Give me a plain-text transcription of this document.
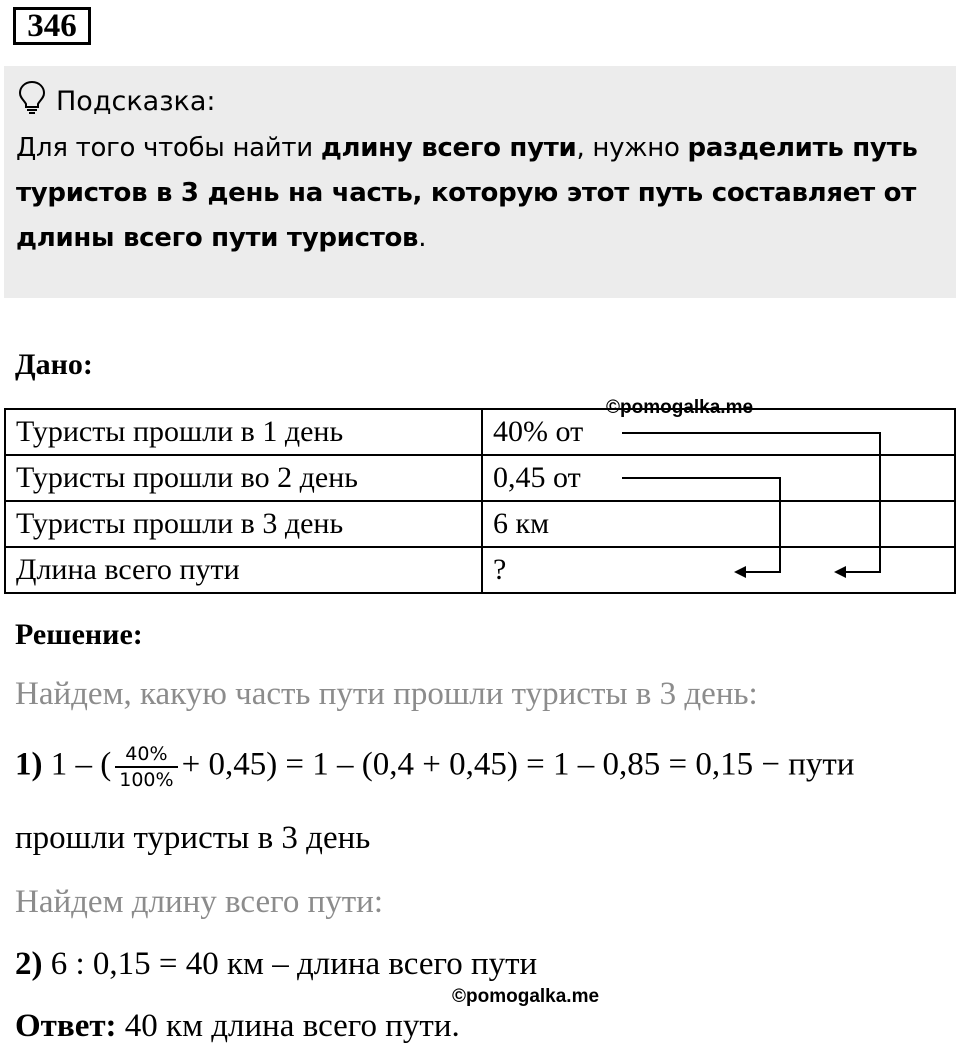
346
Подсказка:
Для того чтобы найти длину всего пути, нужно разделить путь туристов в 3 день на часть, которую этот путь составляет от длины всего пути туристов.
Дано:
Туристы прошли в 1 день	40% от
Туристы прошли во 2 день	0,45 от
Туристы прошли в 3 день	6 км
Длина всего пути	?
©pomogalka.me
Решение:
Найдем, какую часть пути прошли туристы в 3 день:
1) 1 – ( $\frac{40\%}{100\%} + 0,45) = 1 - (0,4 + 0,45) = 1 - 0,85 = 0,15$ − пути
прошли туристы в 3 день
Найдем длину всего пути:
2) 6 : 0,15 = 40 км – длина всего пути
©pomogalka.me
Ответ: 40 км длина всего пути.
